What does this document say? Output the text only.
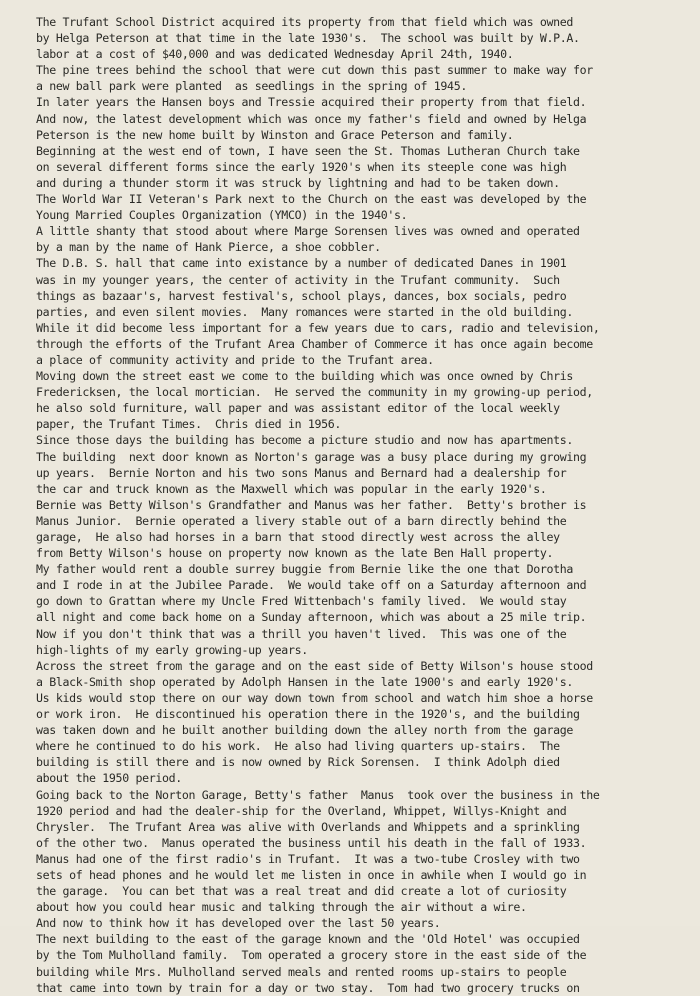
The Trufant School District acquired its property from that field which was owned
by Helga Peterson at that time in the late 1930's.  The school was built by W.P.A.
labor at a cost of $40,000 and was dedicated Wednesday April 24th, 1940.
The pine trees behind the school that were cut down this past summer to make way for
a new ball park were planted  as seedlings in the spring of 1945.
In later years the Hansen boys and Tressie acquired their property from that field.
And now, the latest development which was once my father's field and owned by Helga
Peterson is the new home built by Winston and Grace Peterson and family.
Beginning at the west end of town, I have seen the St. Thomas Lutheran Church take
on several different forms since the early 1920's when its steeple cone was high
and during a thunder storm it was struck by lightning and had to be taken down.
The World War II Veteran's Park next to the Church on the east was developed by the
Young Married Couples Organization (YMCO) in the 1940's.
A little shanty that stood about where Marge Sorensen lives was owned and operated
by a man by the name of Hank Pierce, a shoe cobbler.
The D.B. S. hall that came into existance by a number of dedicated Danes in 1901
was in my younger years, the center of activity in the Trufant community.  Such
things as bazaar's, harvest festival's, school plays, dances, box socials, pedro
parties, and even silent movies.  Many romances were started in the old building.
While it did become less important for a few years due to cars, radio and television,
through the efforts of the Trufant Area Chamber of Commerce it has once again become
a place of community activity and pride to the Trufant area.
Moving down the street east we come to the building which was once owned by Chris
Fredericksen, the local mortician.  He served the community in my growing-up period,
he also sold furniture, wall paper and was assistant editor of the local weekly
paper, the Trufant Times.  Chris died in 1956.
Since those days the building has become a picture studio and now has apartments.
The building  next door known as Norton's garage was a busy place during my growing
up years.  Bernie Norton and his two sons Manus and Bernard had a dealership for
the car and truck known as the Maxwell which was popular in the early 1920's.
Bernie was Betty Wilson's Grandfather and Manus was her father.  Betty's brother is
Manus Junior.  Bernie operated a livery stable out of a barn directly behind the
garage,  He also had horses in a barn that stood directly west across the alley
from Betty Wilson's house on property now known as the late Ben Hall property.
My father would rent a double surrey buggie from Bernie like the one that Dorotha
and I rode in at the Jubilee Parade.  We would take off on a Saturday afternoon and
go down to Grattan where my Uncle Fred Wittenbach's family lived.  We would stay
all night and come back home on a Sunday afternoon, which was about a 25 mile trip.
Now if you don't think that was a thrill you haven't lived.  This was one of the
high-lights of my early growing-up years.
Across the street from the garage and on the east side of Betty Wilson's house stood
a Black-Smith shop operated by Adolph Hansen in the late 1900's and early 1920's.
Us kids would stop there on our way down town from school and watch him shoe a horse
or work iron.  He discontinued his operation there in the 1920's, and the building
was taken down and he built another building down the alley north from the garage
where he continued to do his work.  He also had living quarters up-stairs.  The
building is still there and is now owned by Rick Sorensen.  I think Adolph died
about the 1950 period.
Going back to the Norton Garage, Betty's father  Manus  took over the business in the
1920 period and had the dealer-ship for the Overland, Whippet, Willys-Knight and
Chrysler.  The Trufant Area was alive with Overlands and Whippets and a sprinkling
of the other two.  Manus operated the business until his death in the fall of 1933.
Manus had one of the first radio's in Trufant.  It was a two-tube Crosley with two
sets of head phones and he would let me listen in once in awhile when I would go in
the garage.  You can bet that was a real treat and did create a lot of curiosity
about how you could hear music and talking through the air without a wire.
And now to think how it has developed over the last 50 years.
The next building to the east of the garage known and the 'Old Hotel' was occupied
by the Tom Mulholland family.  Tom operated a grocery store in the east side of the
building while Mrs. Mulholland served meals and rented rooms up-stairs to people
that came into town by train for a day or two stay.  Tom had two grocery trucks on
